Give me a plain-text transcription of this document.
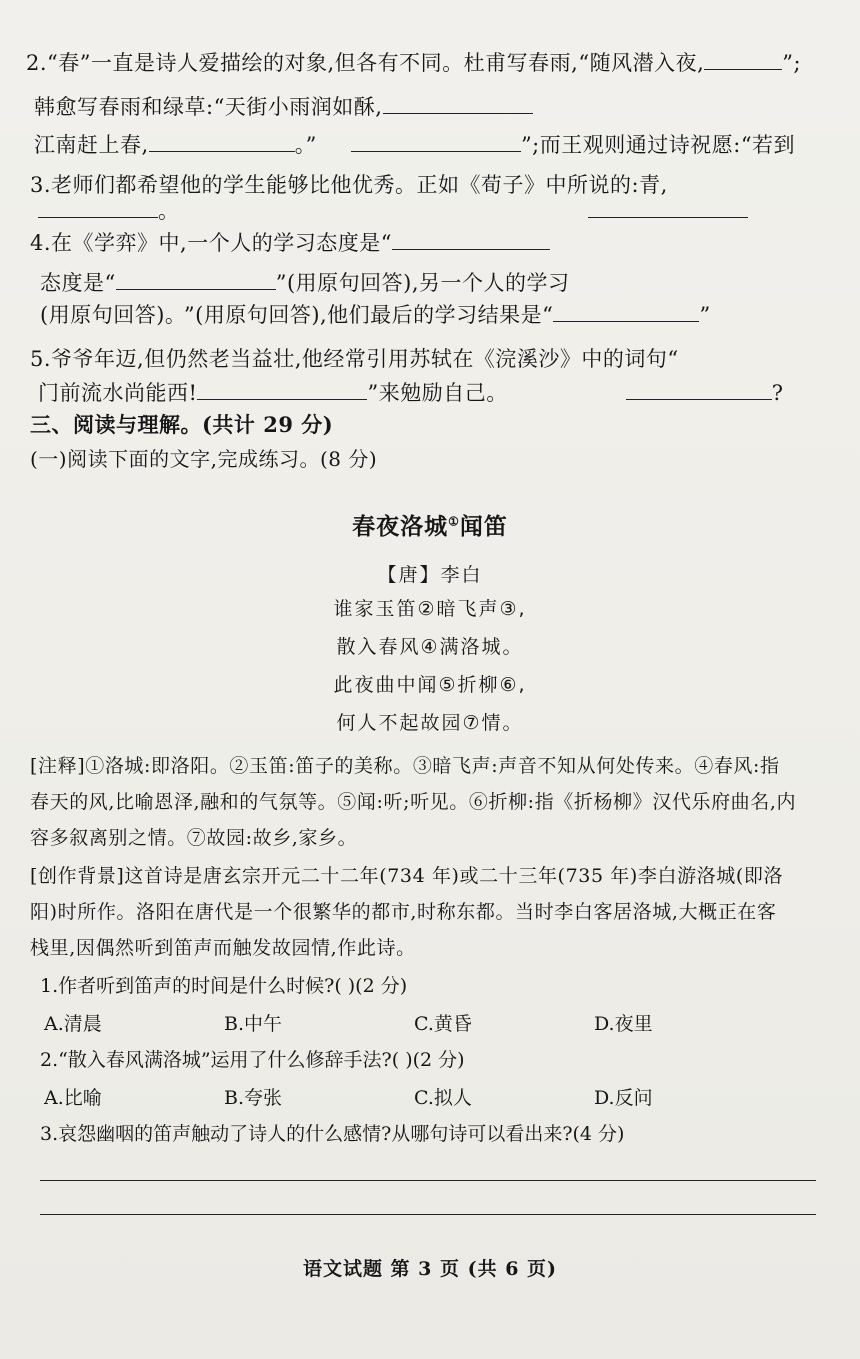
2.“春”一直是诗人爱描绘的对象,但各有不同。杜甫写春雨,“随风潜入夜,	”;
韩愈写春雨和绿草:“天街小雨润如酥,
江南赶上春,	。”	”;而王观则通过诗祝愿:“若到
3.老师们都希望他的学生能够比他优秀。正如《荀子》中所说的:青,
。
4.在《学弈》中,一个人的学习态度是“
态度是“	”(用原句回答),另一个人的学习
(用原句回答)。 ”(用原句回答),他们最后的学习结果是“	”
5.爷爷年迈,但仍然老当益壮,他经常引用苏轼在《浣溪沙》中的词句“
门前流水尚能西!	”来勉励自己。	?
三、阅读与理解。(共计 29 分)
(一)阅读下面的文字,完成练习。(8 分)
春夜洛城①闻笛
【唐】李白
谁家玉笛②暗飞声③,
散入春风④满洛城。
此夜曲中闻⑤折柳⑥,
何人不起故园⑦情。
[注释]①洛城:即洛阳。②玉笛:笛子的美称。③暗飞声:声音不知从何处传来。④春风:指
春天的风,比喻恩泽,融和的气氛等。⑤闻:听;听见。⑥折柳:指《折杨柳》汉代乐府曲名,内
容多叙离别之情。⑦故园:故乡,家乡。
[创作背景]这首诗是唐玄宗开元二十二年(734 年)或二十三年(735 年)李白游洛城(即洛
阳)时所作。洛阳在唐代是一个很繁华的都市,时称东都。当时李白客居洛城,大概正在客
栈里,因偶然听到笛声而触发故园情,作此诗。
1.作者听到笛声的时间是什么时候?( )(2 分)
A.清晨	B.中午	C.黄昏	D.夜里
2.“散入春风满洛城”运用了什么修辞手法?( )(2 分)
A.比喻	B.夸张	C.拟人	D.反问
3.哀怨幽咽的笛声触动了诗人的什么感情?从哪句诗可以看出来?(4 分)
语文试题 第 3 页 (共 6 页)
